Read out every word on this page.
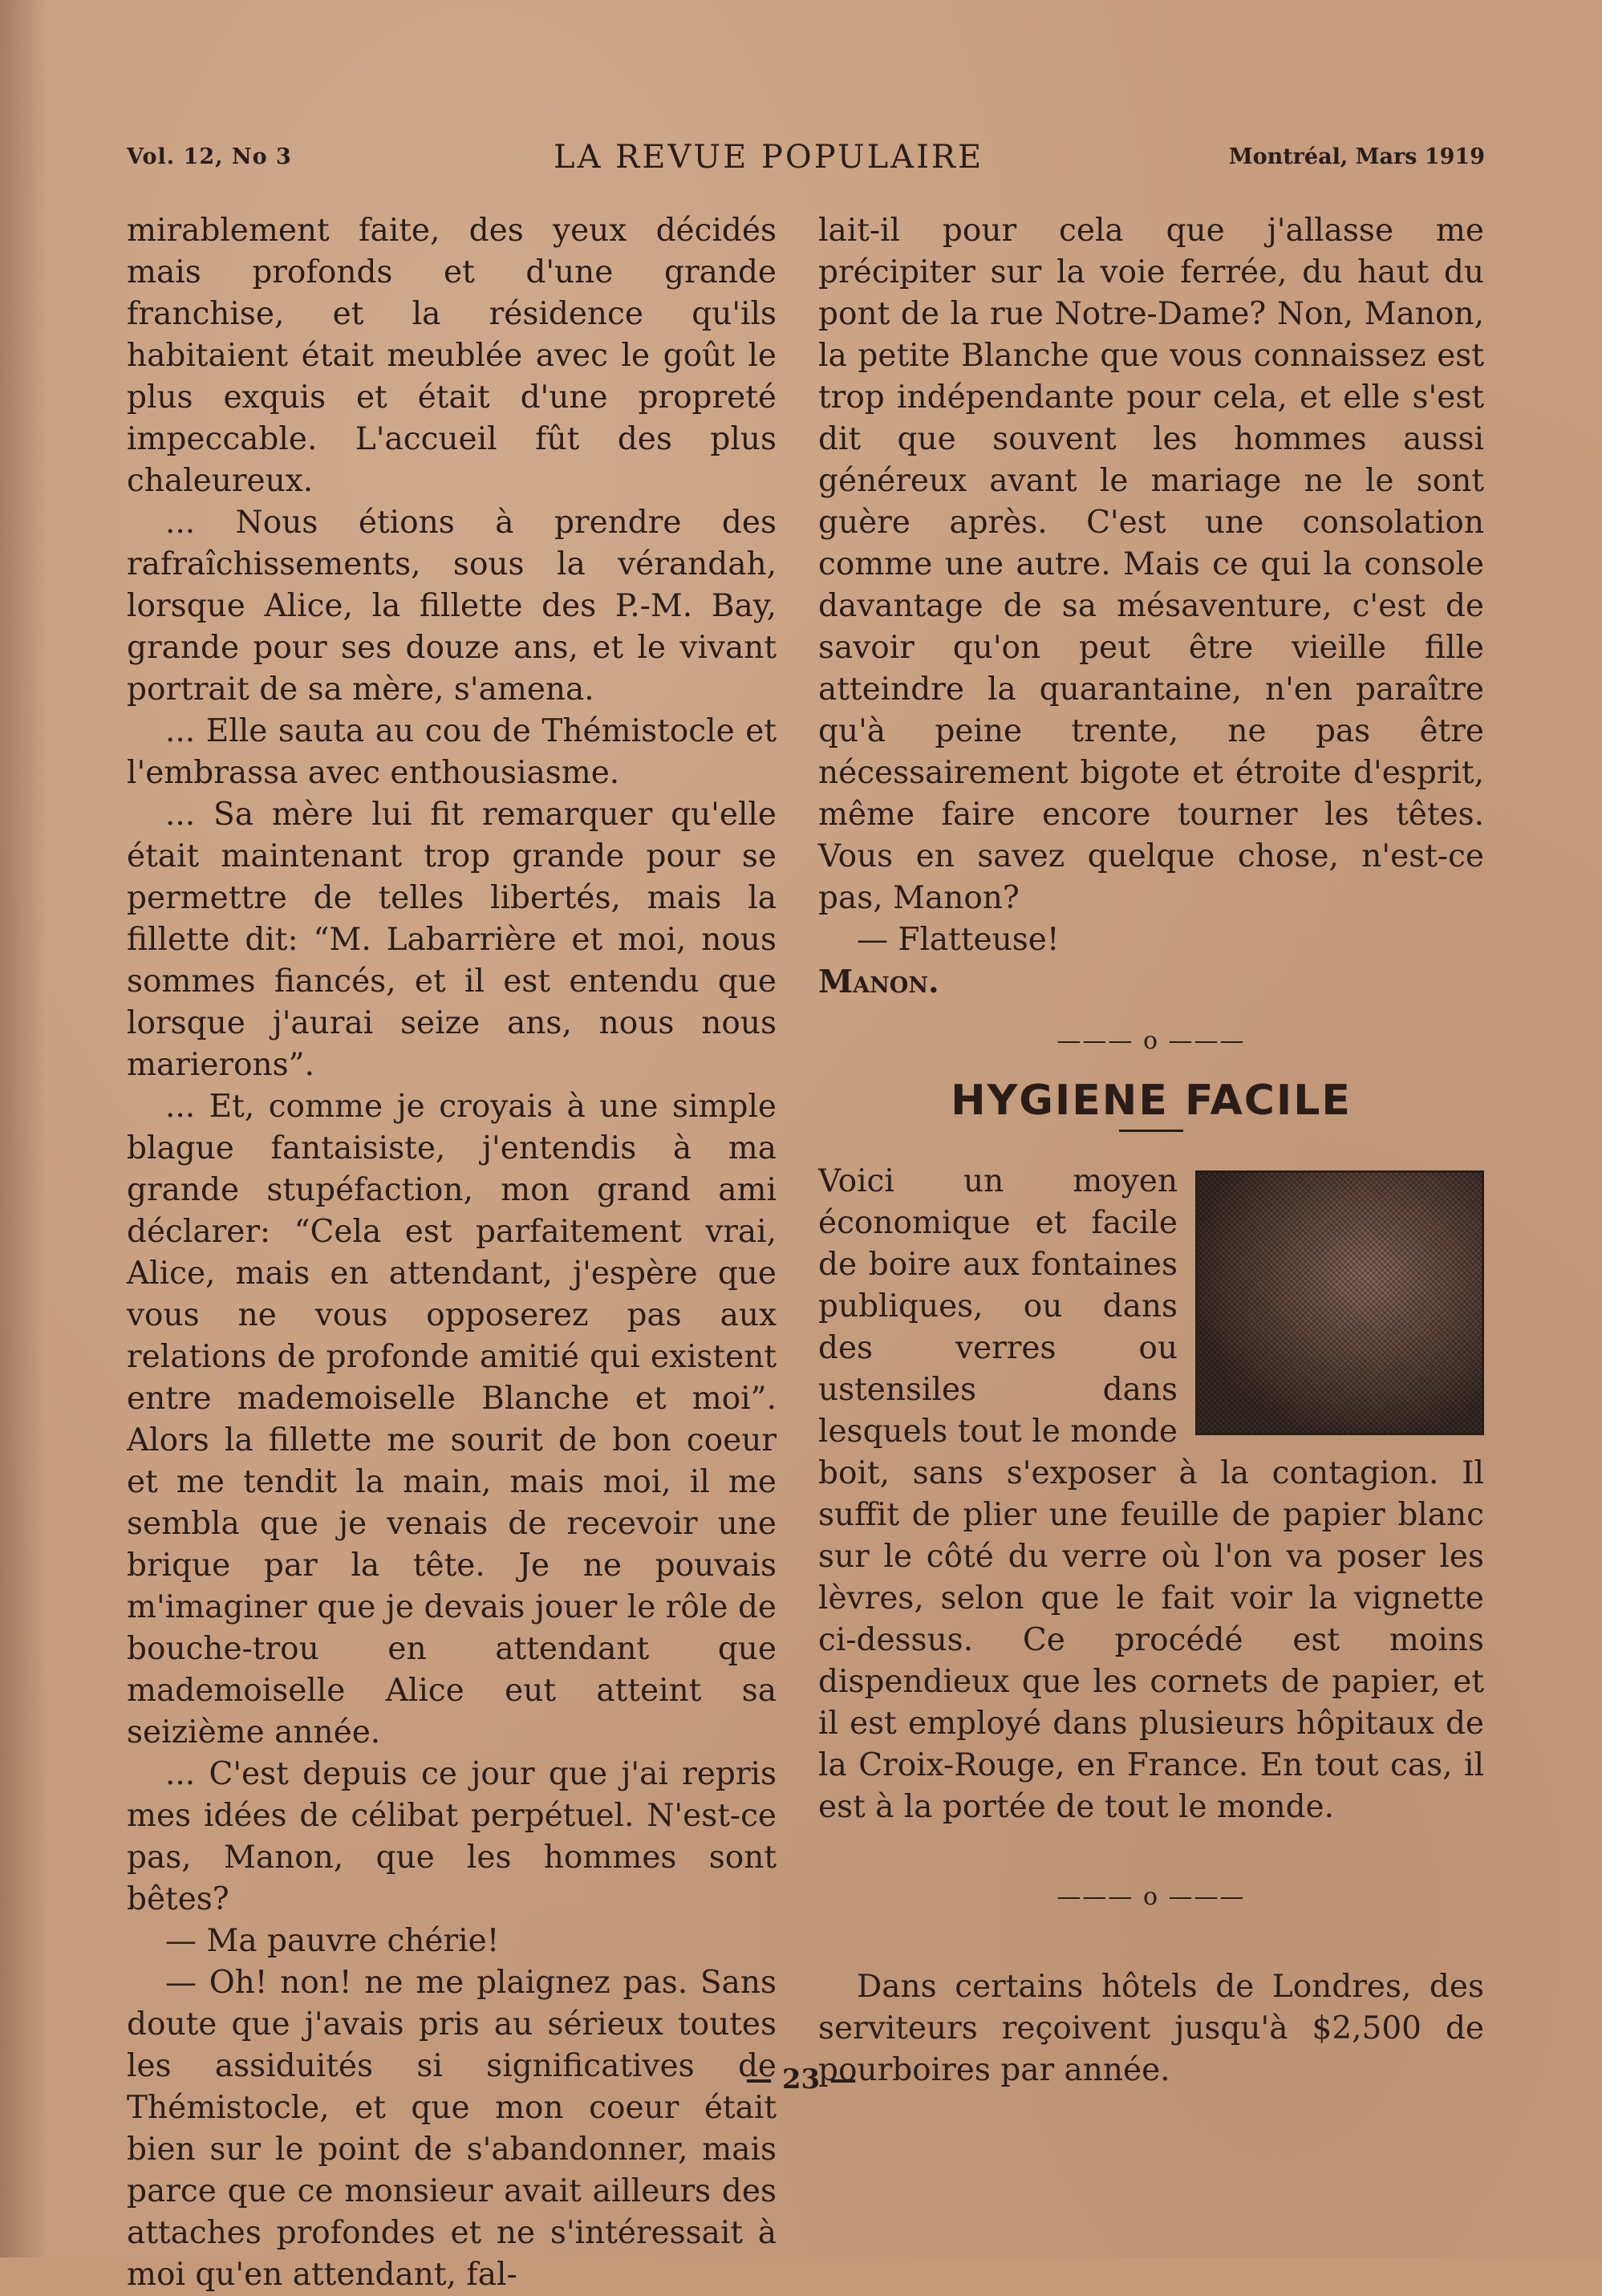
Vol. 12, No 3	LA REVUE POPULAIRE	Montréal, Mars 1919

mirablement faite, des yeux décidés mais profonds et d'une grande franchise, et la résidence qu'ils habitaient était meublée avec le goût le plus exquis et était d'une propreté impeccable. L'accueil fût des plus chaleureux.

... Nous étions à prendre des rafraîchissements, sous la vérandah, lorsque Alice, la fillette des P.-M. Bay, grande pour ses douze ans, et le vivant portrait de sa mère, s'amena.

... Elle sauta au cou de Thémistocle et l'embrassa avec enthousiasme.

... Sa mère lui fit remarquer qu'elle était maintenant trop grande pour se permettre de telles libertés, mais la fillette dit: “M. Labarrière et moi, nous sommes fiancés, et il est entendu que lorsque j'aurai seize ans, nous nous marierons”.

... Et, comme je croyais à une simple blague fantaisiste, j'entendis à ma grande stupéfaction, mon grand ami déclarer: “Cela est parfaitement vrai, Alice, mais en attendant, j'espère que vous ne vous opposerez pas aux relations de profonde amitié qui existent entre mademoiselle Blanche et moi”. Alors la fillette me sourit de bon coeur et me tendit la main, mais moi, il me sembla que je venais de recevoir une brique par la tête. Je ne pouvais m'imaginer que je devais jouer le rôle de bouche-trou en attendant que mademoiselle Alice eut atteint sa seizième année.

... C'est depuis ce jour que j'ai repris mes idées de célibat perpétuel. N'est-ce pas, Manon, que les hommes sont bêtes?

— Ma pauvre chérie!

— Oh! non! ne me plaignez pas. Sans doute que j'avais pris au sérieux toutes les assiduités si significatives de Thémistocle, et que mon coeur était bien sur le point de s'abandonner, mais parce que ce monsieur avait ailleurs des attaches profondes et ne s'intéressait à moi qu'en attendant, fal-

lait-il pour cela que j'allasse me précipiter sur la voie ferrée, du haut du pont de la rue Notre-Dame? Non, Manon, la petite Blanche que vous connaissez est trop indépendante pour cela, et elle s'est dit que souvent les hommes aussi généreux avant le mariage ne le sont guère après. C'est une consolation comme une autre. Mais ce qui la console davantage de sa mésaventure, c'est de savoir qu'on peut être vieille fille atteindre la quarantaine, n'en paraître qu'à peine trente, ne pas être nécessairement bigote et étroite d'esprit, même faire encore tourner les têtes. Vous en savez quelque chose, n'est-ce pas, Manon?

— Flatteuse!

Manon.

——— o ———
HYGIENE FACILE

Voici un moyen économique et facile de boire aux fontaines publiques, ou dans des verres ou ustensiles dans lesquels tout le monde boit, sans s'exposer à la contagion. Il suffit de plier une feuille de papier blanc sur le côté du verre où l'on va poser les lèvres, selon que le fait voir la vignette ci-dessus. Ce procédé est moins dispendieux que les cornets de papier, et il est employé dans plusieurs hôpitaux de la Croix-Rouge, en France. En tout cas, il est à la portée de tout le monde.

——— o ———

Dans certains hôtels de Londres, des serviteurs reçoivent jusqu'à $2,500 de pourboires par année.

— 23 —
